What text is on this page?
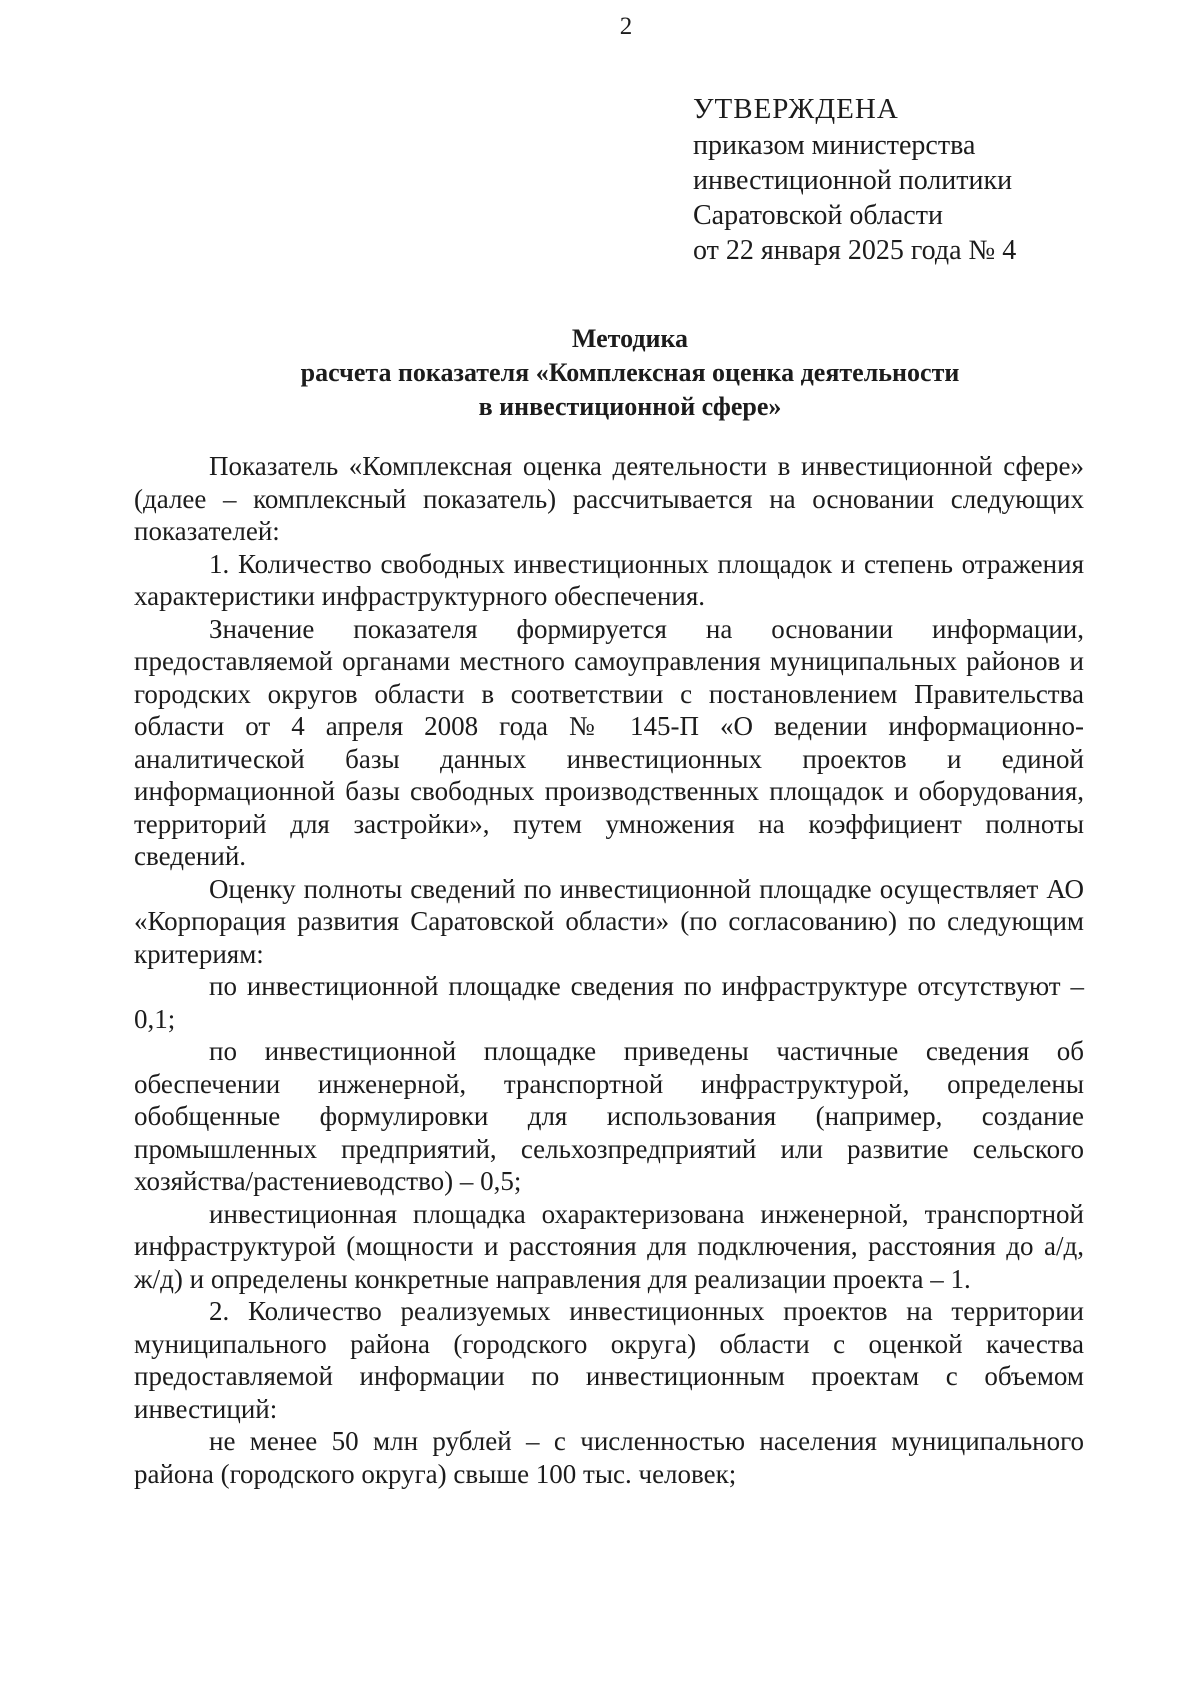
2
УТВЕРЖДЕНА
приказом министерства
инвестиционной политики
Саратовской области
от 22 января 2025 года № 4
Методика
расчета показателя «Комплексная оценка деятельности
в инвестиционной сфере»

Показатель «Комплексная оценка деятельности в инвестиционной сфере» (далее – комплексный показатель) рассчитывается на основании следующих показателей:

1. Количество свободных инвестиционных площадок и степень отражения характеристики инфраструктурного обеспечения.

Значение показателя формируется на основании информации, предоставляемой органами местного самоуправления муниципальных районов и городских округов области в соответствии с постановлением Правительства области от 4 апреля 2008 года № 145-П «О ведении информационно-аналитической базы данных инвестиционных проектов и единой информационной базы свободных производственных площадок и оборудования, территорий для застройки», путем умножения на коэффициент полноты сведений.

Оценку полноты сведений по инвестиционной площадке осуществляет АО «Корпорация развития Саратовской области» (по согласованию) по следующим критериям:

по инвестиционной площадке сведения по инфраструктуре отсутствуют – 0,1;

по инвестиционной площадке приведены частичные сведения об обеспечении инженерной, транспортной инфраструктурой, определены обобщенные формулировки для использования (например, создание промышленных предприятий, сельхозпредприятий или развитие сельского хозяйства/растениеводство) – 0,5;

инвестиционная площадка охарактеризована инженерной, транспортной инфраструктурой (мощности и расстояния для подключения, расстояния до а/д, ж/д) и определены конкретные направления для реализации проекта – 1.

2. Количество реализуемых инвестиционных проектов на территории муниципального района (городского округа) области с оценкой качества предоставляемой информации по инвестиционным проектам с объемом инвестиций:

не менее 50 млн рублей – с численностью населения муниципального района (городского округа) свыше 100 тыс. человек;
